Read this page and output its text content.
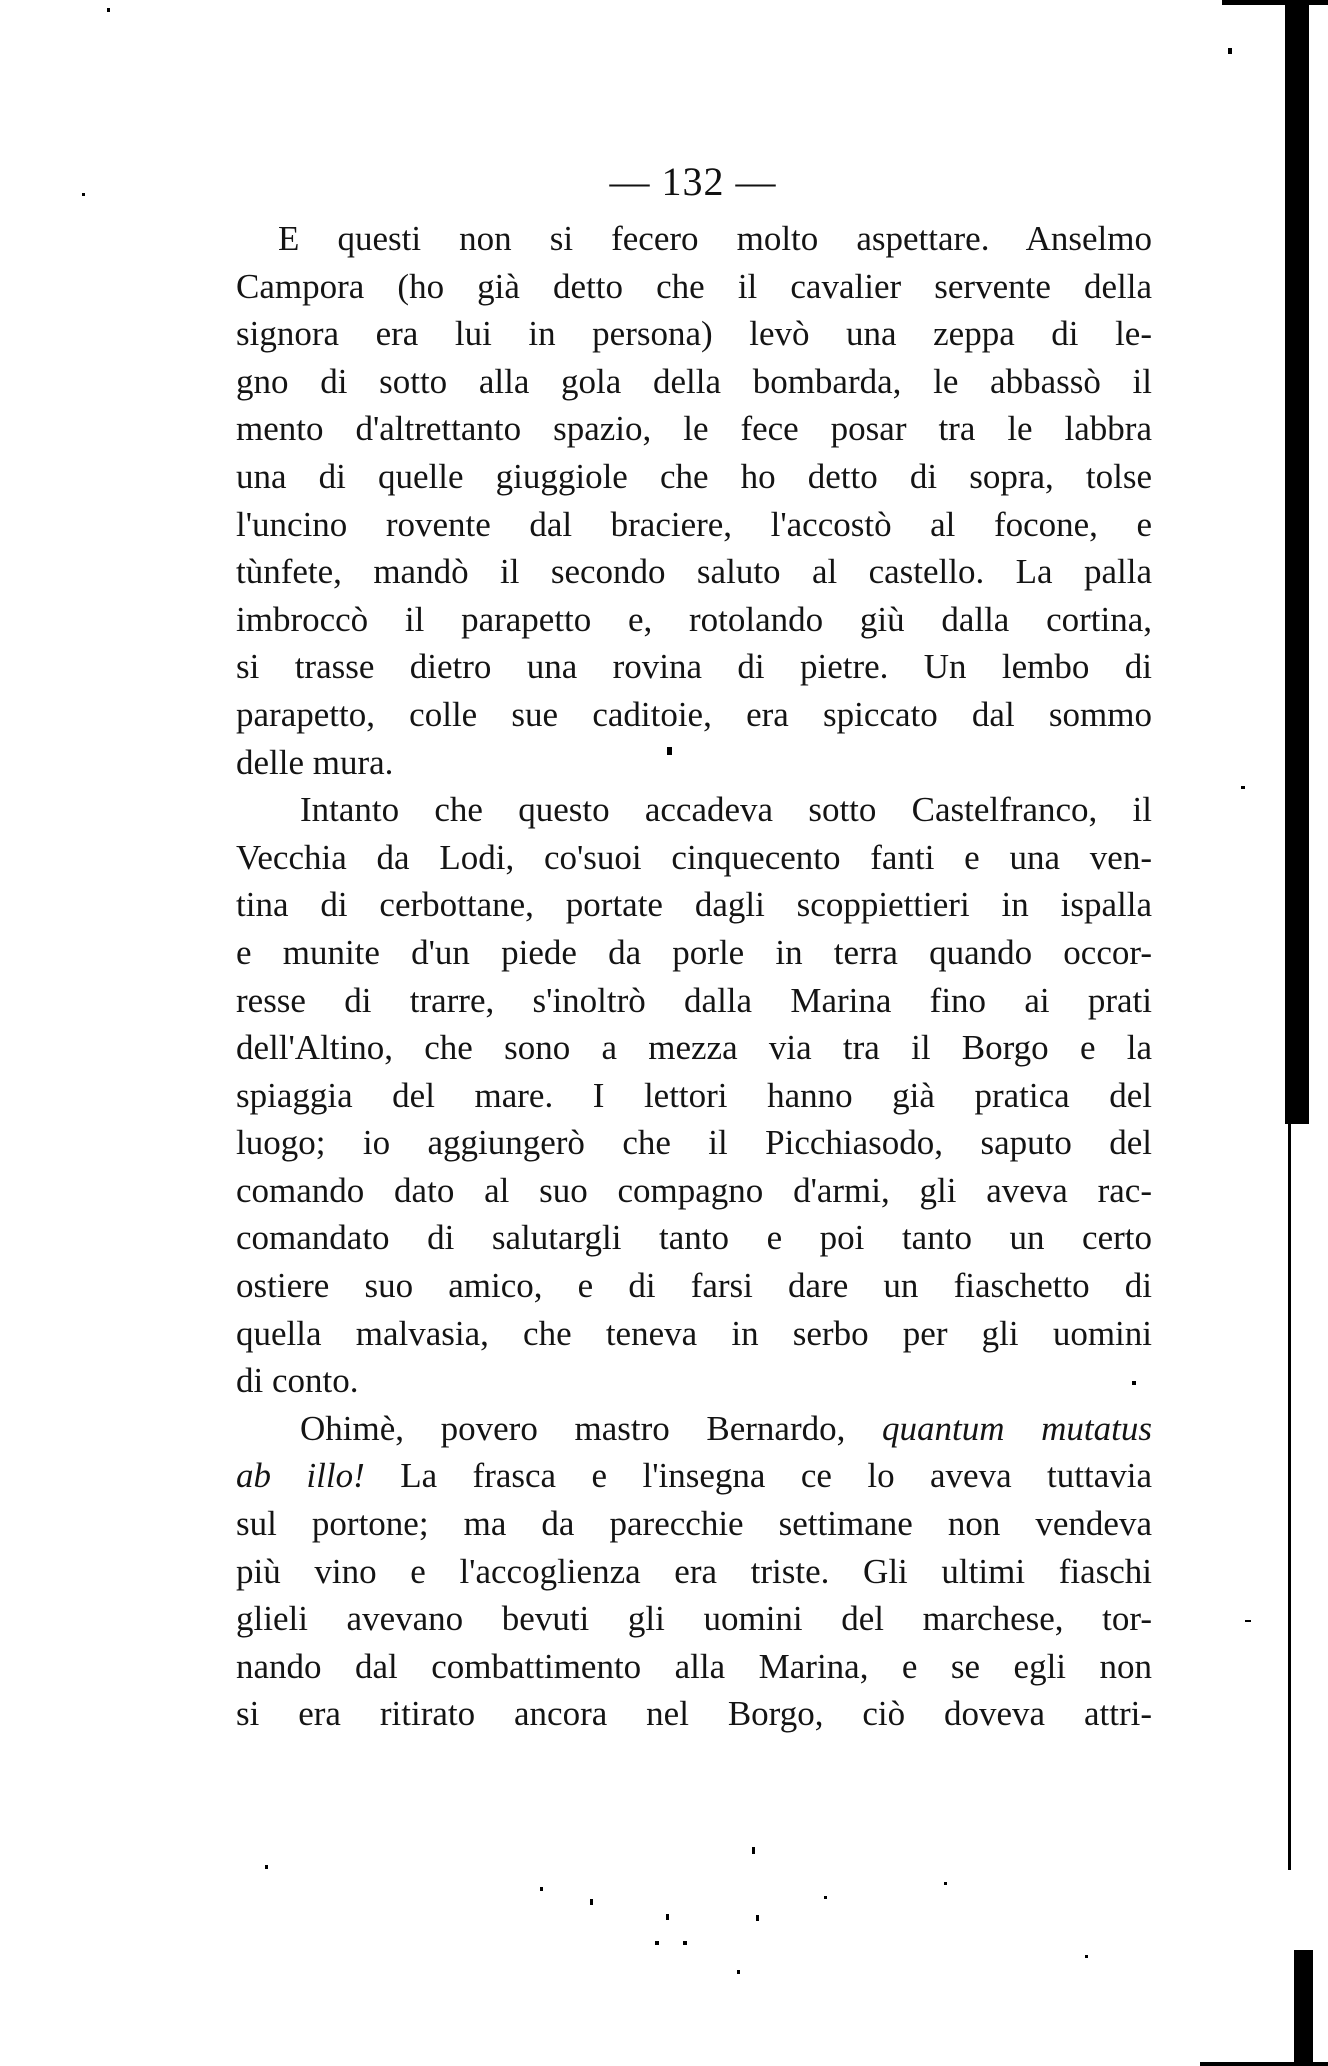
— 132 —
E questi non si fecero molto aspettare. Anselmo
Campora (ho già detto che il cavalier servente della
signora era lui in persona) levò una zeppa di le-
gno di sotto alla gola della bombarda, le abbassò il
mento d'altrettanto spazio, le fece posar tra le labbra
una di quelle giuggiole che ho detto di sopra, tolse
l'uncino rovente dal braciere, l'accostò al focone, e
tùnfete, mandò il secondo saluto al castello. La palla
imbroccò il parapetto e, rotolando giù dalla cortina,
si trasse dietro una rovina di pietre. Un lembo di
parapetto, colle sue caditoie, era spiccato dal sommo
delle mura.
Intanto che questo accadeva sotto Castelfranco, il
Vecchia da Lodi, co'suoi cinquecento fanti e una ven-
tina di cerbottane, portate dagli scoppiettieri in ispalla
e munite d'un piede da porle in terra quando occor-
resse di trarre, s'inoltrò dalla Marina fino ai prati
dell'Altino, che sono a mezza via tra il Borgo e la
spiaggia del mare. I lettori hanno già pratica del
luogo; io aggiungerò che il Picchiasodo, saputo del
comando dato al suo compagno d'armi, gli aveva rac-
comandato di salutargli tanto e poi tanto un certo
ostiere suo amico, e di farsi dare un fiaschetto di
quella malvasia, che teneva in serbo per gli uomini
di conto.
Ohimè, povero mastro Bernardo, quantum mutatus
ab illo! La frasca e l'insegna ce lo aveva tuttavia
sul portone; ma da parecchie settimane non vendeva
più vino e l'accoglienza era triste. Gli ultimi fiaschi
glieli avevano bevuti gli uomini del marchese, tor-
nando dal combattimento alla Marina, e se egli non
si era ritirato ancora nel Borgo, ciò doveva attri-
